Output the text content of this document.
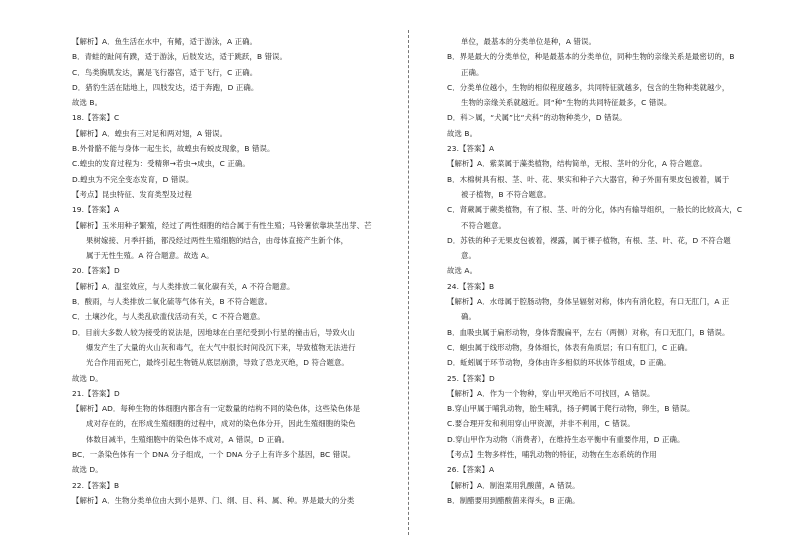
【解析】A．鱼生活在水中，有鳍，适于游泳，A 正确。
B．青蛙的趾间有蹼，适于游泳，后肢发达，适于跳跃，B 错误。
C．鸟类胸肌发达，翼是飞行器官，适于飞行，C 正确。
D．猎豹生活在陆地上，四肢发达，适于奔跑，D 正确。
故选 B。
18.【答案】C
【解析】A．蝗虫有三对足和两对翅，A 错误。
B.外骨骼不能与身体一起生长，故蝗虫有蜕皮现象，B 错误。
C.蝗虫的发育过程为：受精卵→若虫→成虫，C 正确。
D.蝗虫为不完全变态发育，D 错误。
【考点】昆虫特征、发育类型及过程
19.【答案】A
【解析】玉米用种子繁殖，经过了两性细胞的结合属于有性生殖；马铃薯依靠块茎出芽、芒
果树嫁接、月季扦插，都没经过两性生殖细胞的结合，由母体直接产生新个体，
属于无性生殖。A 符合题意。故选 A。
20.【答案】D
【解析】A．温室效应，与人类排放二氧化碳有关，A 不符合题意。
B．酸雨，与人类排放二氧化硫等气体有关，B 不符合题意。
C．土壤沙化，与人类乱砍滥伐活动有关，C 不符合题意。
D．目前大多数人较为接受的说法是，因地球在白垩纪受到小行星的撞击后，导致火山
爆发产生了大量的火山灰和毒气，在大气中很长时间没沉下来，导致植物无法进行
光合作用而死亡，最终引起生物链从底层崩溃，导致了恐龙灭绝，D 符合题意。
故选 D。
21.【答案】D
【解析】AD．每种生物的体细胞内都含有一定数量的结构不同的染色体，这些染色体是
成对存在的，在形成生殖细胞的过程中，成对的染色体分开，因此生殖细胞的染色
体数目减半，生殖细胞中的染色体不成对，A 错误，D 正确。
BC．一条染色体有一个 DNA 分子组成，一个 DNA 分子上有许多个基因，BC 错误。
故选 D。
22.【答案】B
【解析】A．生物分类单位由大到小是界、门、纲、目、科、属、种。界是最大的分类
单位，最基本的分类单位是种，A 错误。
B．界是最大的分类单位，种是最基本的分类单位，同种生物的亲缘关系是最密切的，B
正确。
C．分类单位越小，生物的相似程度越多，共同特征就越多，包含的生物种类就越少，
生物的亲缘关系就越近。同“种”生物的共同特征最多，C 错误。
D．科＞属，“犬属”比“犬科”的动物种类少，D 错误。
故选 B。
23.【答案】A
【解析】A．紫菜属于藻类植物，结构简单，无根、茎叶的分化，A 符合题意。
B．木棉树具有根、茎、叶、花、果实和种子六大器官，种子外面有果皮包被着，属于
被子植物，B 不符合题意。
C．肾蕨属于蕨类植物，有了根、茎、叶的分化，体内有输导组织，一般长的比较高大，C
不符合题意。
D．苏铁的种子无果皮包被着，裸露，属于裸子植物，有根、茎、叶、花，D 不符合题
意。
故选 A。
24.【答案】B
【解析】A．水母属于腔肠动物，身体呈辐射对称，体内有消化腔，有口无肛门，A 正
确。
B．血吸虫属于扁形动物，身体背腹扁平，左右（两侧）对称，有口无肛门，B 错误。
C．蛔虫属于线形动物，身体细长，体表有角质层；有口有肛门，C 正确。
D．蚯蚓属于环节动物，身体由许多相似的环状体节组成，D 正确。
25.【答案】D
【解析】A．作为一个物种，穿山甲灭绝后不可找回，A 错误。
B.穿山甲属于哺乳动物，胎生哺乳，扬子鳄属于爬行动物，卵生，B 错误。
C.要合理开发和利用穿山甲资源，并非不利用，C 错误。
D.穿山甲作为动物（消费者），在维持生态平衡中有重要作用，D 正确。
【考点】生物多样性，哺乳动物的特征，动物在生态系统的作用
26.【答案】A
【解析】A．制泡菜用乳酸菌，A 错误。
B．制醋要用到醋酸菌来得头，B 正确。
